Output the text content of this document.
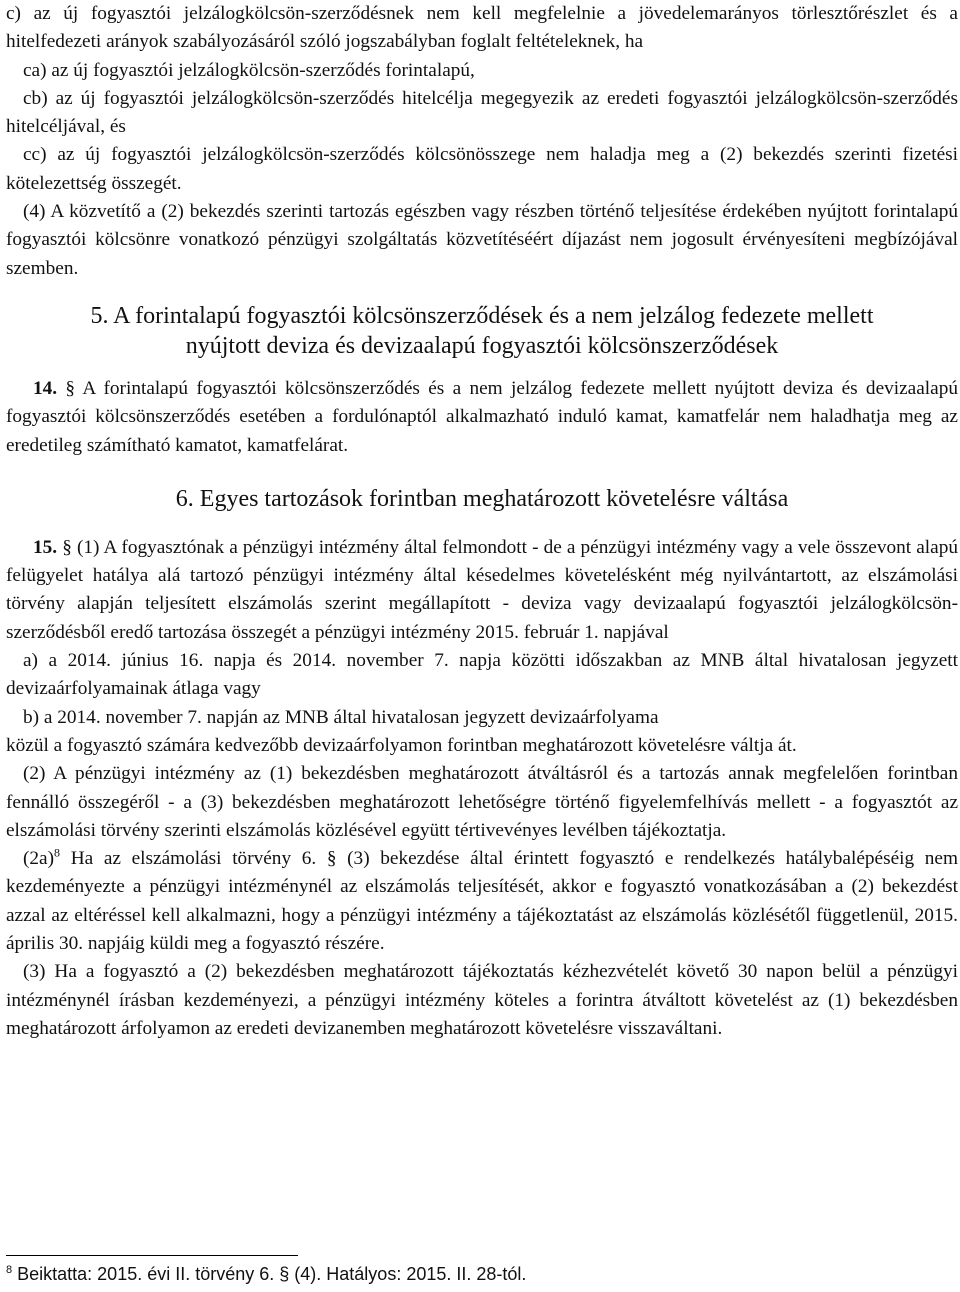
c) az új fogyasztói jelzálogkölcsön-szerződésnek nem kell megfelelnie a jövedelemarányos törlesztőrészlet és a hitelfedezeti arányok szabályozásáról szóló jogszabályban foglalt feltételeknek, ha

ca) az új fogyasztói jelzálogkölcsön-szerződés forintalapú,

cb) az új fogyasztói jelzálogkölcsön-szerződés hitelcélja megegyezik az eredeti fogyasztói jelzálogkölcsön-szerződés hitelcéljával, és

cc) az új fogyasztói jelzálogkölcsön-szerződés kölcsönösszege nem haladja meg a (2) bekezdés szerinti fizetési kötelezettség összegét.

(4) A közvetítő a (2) bekezdés szerinti tartozás egészben vagy részben történő teljesítése érdekében nyújtott forintalapú fogyasztói kölcsönre vonatkozó pénzügyi szolgáltatás közvetítéséért díjazást nem jogosult érvényesíteni megbízójával szemben.

5. A forintalapú fogyasztói kölcsönszerződések és a nem jelzálog fedezete mellett
nyújtott deviza és devizaalapú fogyasztói kölcsönszerződések

14. § A forintalapú fogyasztói kölcsönszerződés és a nem jelzálog fedezete mellett nyújtott deviza és devizaalapú fogyasztói kölcsönszerződés esetében a fordulónaptól alkalmazható induló kamat, kamatfelár nem haladhatja meg az eredetileg számítható kamatot, kamatfelárat.

6. Egyes tartozások forintban meghatározott követelésre váltása

15. § (1) A fogyasztónak a pénzügyi intézmény által felmondott - de a pénzügyi intézmény vagy a vele összevont alapú felügyelet hatálya alá tartozó pénzügyi intézmény által késedelmes követelésként még nyilvántartott, az elszámolási törvény alapján teljesített elszámolás szerint megállapított - deviza vagy devizaalapú fogyasztói jelzálogkölcsön-szerződésből eredő tartozása összegét a pénzügyi intézmény 2015. február 1. napjával

a) a 2014. június 16. napja és 2014. november 7. napja közötti időszakban az MNB által hivatalosan jegyzett devizaárfolyamainak átlaga vagy

b) a 2014. november 7. napján az MNB által hivatalosan jegyzett devizaárfolyama

közül a fogyasztó számára kedvezőbb devizaárfolyamon forintban meghatározott követelésre váltja át.

(2) A pénzügyi intézmény az (1) bekezdésben meghatározott átváltásról és a tartozás annak megfelelően forintban fennálló összegéről - a (3) bekezdésben meghatározott lehetőségre történő figyelemfelhívás mellett - a fogyasztót az elszámolási törvény szerinti elszámolás közlésével együtt tértivevényes levélben tájékoztatja.

$(2a)^8$ Ha az elszámolási törvény 6. § (3) bekezdése által érintett fogyasztó e rendelkezés hatálybalépéséig nem kezdeményezte a pénzügyi intézménynél az elszámolás teljesítését, akkor e fogyasztó vonatkozásában a (2) bekezdést azzal az eltéréssel kell alkalmazni, hogy a pénzügyi intézmény a tájékoztatást az elszámolás közlésétől függetlenül, 2015. április 30. napjáig küldi meg a fogyasztó részére.

(3) Ha a fogyasztó a (2) bekezdésben meghatározott tájékoztatás kézhezvételét követő 30 napon belül a pénzügyi intézménynél írásban kezdeményezi, a pénzügyi intézmény köteles a forintra átváltott követelést az (1) bekezdésben meghatározott árfolyamon az eredeti devizanemben meghatározott követelésre visszaváltani.

$^8$ Beiktatta: 2015. évi II. törvény 6. § (4). Hatályos: 2015. II. 28-tól.
